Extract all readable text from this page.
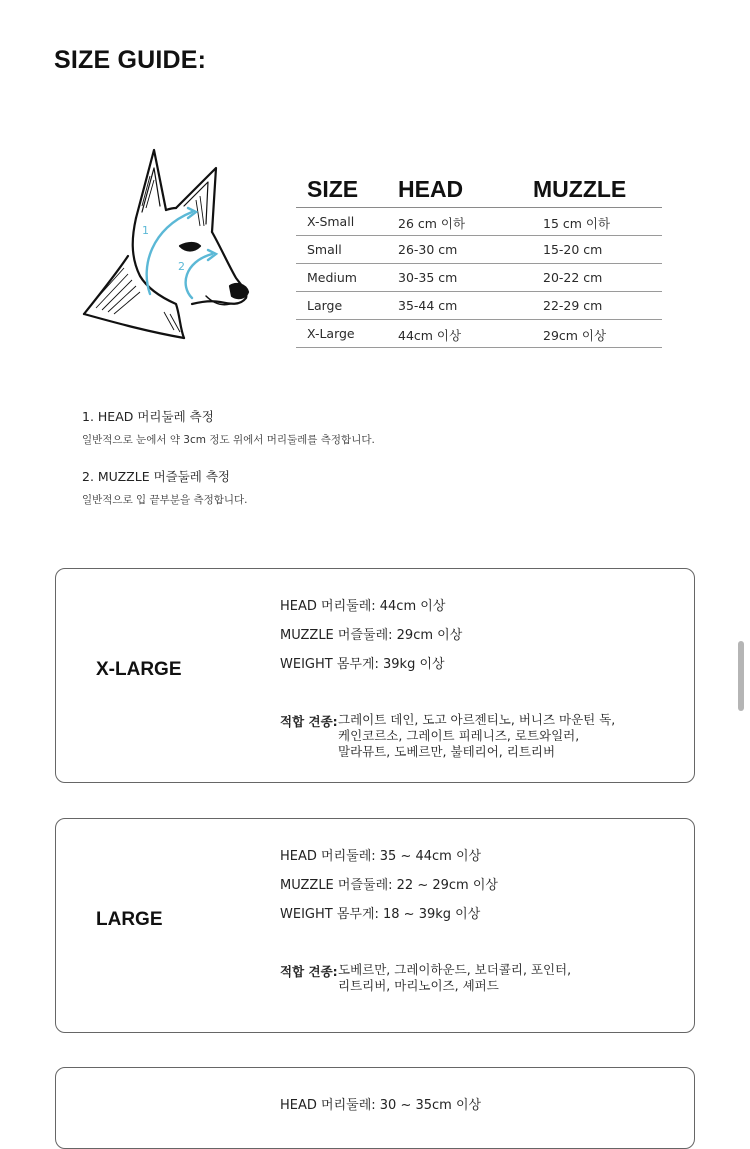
SIZE GUIDE:
1
2
SIZE HEAD	MUZZLE
X-Small	26 cm 이하	15 cm 이하
Small	26-30 cm	15-20 cm
Medium	30-35 cm	20-22 cm
Large	35-44 cm	22-29 cm
X-Large	44cm 이상	29cm 이상
1. HEAD 머리둘레 측정
일반적으로 눈에서 약 3cm 정도 위에서 머리둘레를 측정합니다.
2. MUZZLE 머즐둘레 측정
일반적으로 입 끝부분을 측정합니다.
X-LARGE
HEAD 머리둘레: 44cm 이상
MUZZLE 머즐둘레: 29cm 이상
WEIGHT 몸무게: 39kg 이상
적합 견종: 그레이트 데인, 도고 아르젠티노, 버니즈 마운틴 독,
케인코르소, 그레이트 피레니즈, 로트와일러,
말라뮤트, 도베르만, 불테리어, 리트리버
LARGE
HEAD 머리둘레: 35 ~ 44cm 이상
MUZZLE 머즐둘레: 22 ~ 29cm 이상
WEIGHT 몸무게: 18 ~ 39kg 이상
적합 견종: 도베르만, 그레이하운드, 보더콜리, 포인터,
리트리버, 마리노이즈, 셰퍼드
HEAD 머리둘레: 30 ~ 35cm 이상
